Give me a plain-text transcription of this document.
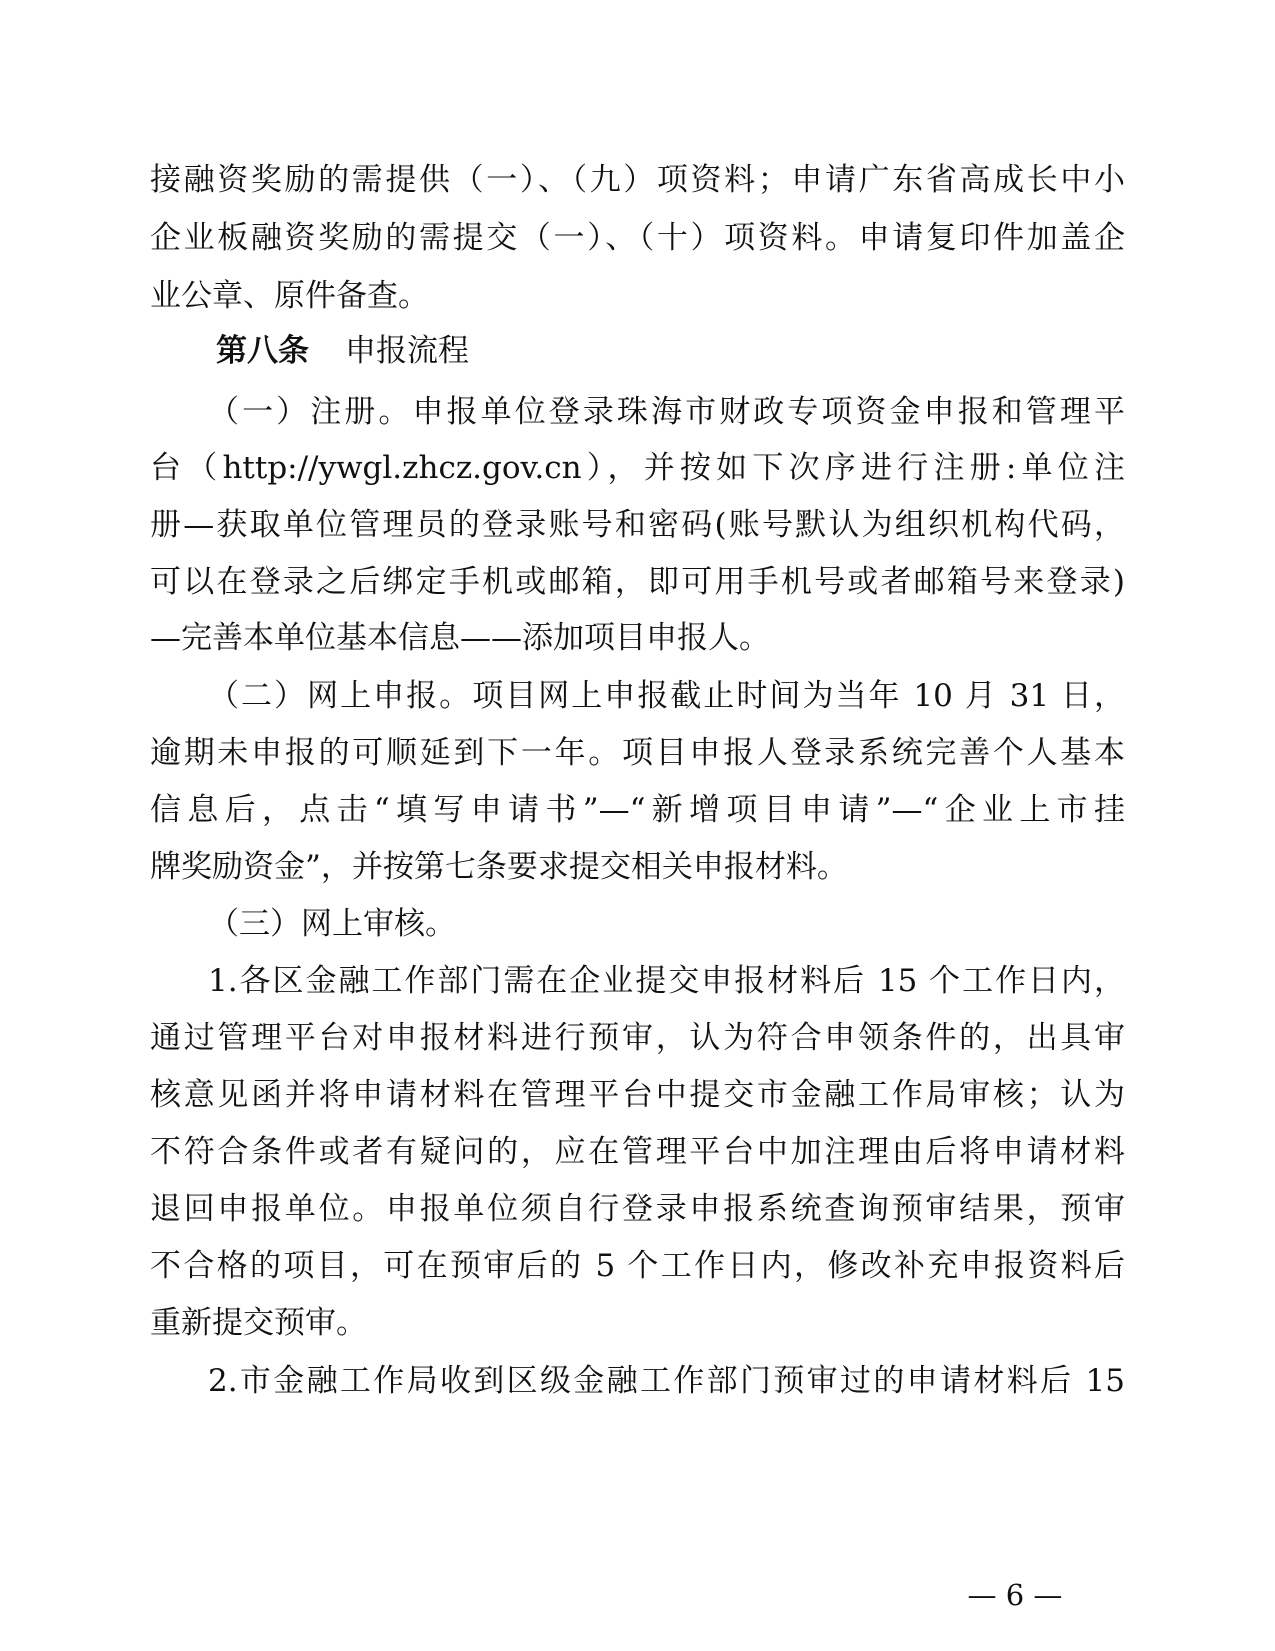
接融资奖励的需提供（一）、（九）项资料；申请广东省高成长中小
企业板融资奖励的需提交（一）、（十）项资料。申请复印件加盖企
业公章、原件备查。
第八条 申报流程
（一）注册。申报单位登录珠海市财政专项资金申报和管理平
台（http://ywgl.zhcz.gov.cn），并按如下次序进行注册:单位注
册—获取单位管理员的登录账号和密码(账号默认为组织机构代码，
可以在登录之后绑定手机或邮箱，即可用手机号或者邮箱号来登录)
—完善本单位基本信息——添加项目申报人。
（二）网上申报。项目网上申报截止时间为当年 10 月 31 日，
逾期未申报的可顺延到下一年。项目申报人登录系统完善个人基本
信息后，点击“填写申请书”—“新增项目申请”—“企业上市挂
牌奖励资金”，并按第七条要求提交相关申报材料。
（三）网上审核。
1.各区金融工作部门需在企业提交申报材料后 15 个工作日内，
通过管理平台对申报材料进行预审，认为符合申领条件的，出具审
核意见函并将申请材料在管理平台中提交市金融工作局审核；认为
不符合条件或者有疑问的，应在管理平台中加注理由后将申请材料
退回申报单位。申报单位须自行登录申报系统查询预审结果，预审
不合格的项目，可在预审后的 5 个工作日内，修改补充申报资料后
重新提交预审。
2.市金融工作局收到区级金融工作部门预审过的申请材料后 15
— 6 —
